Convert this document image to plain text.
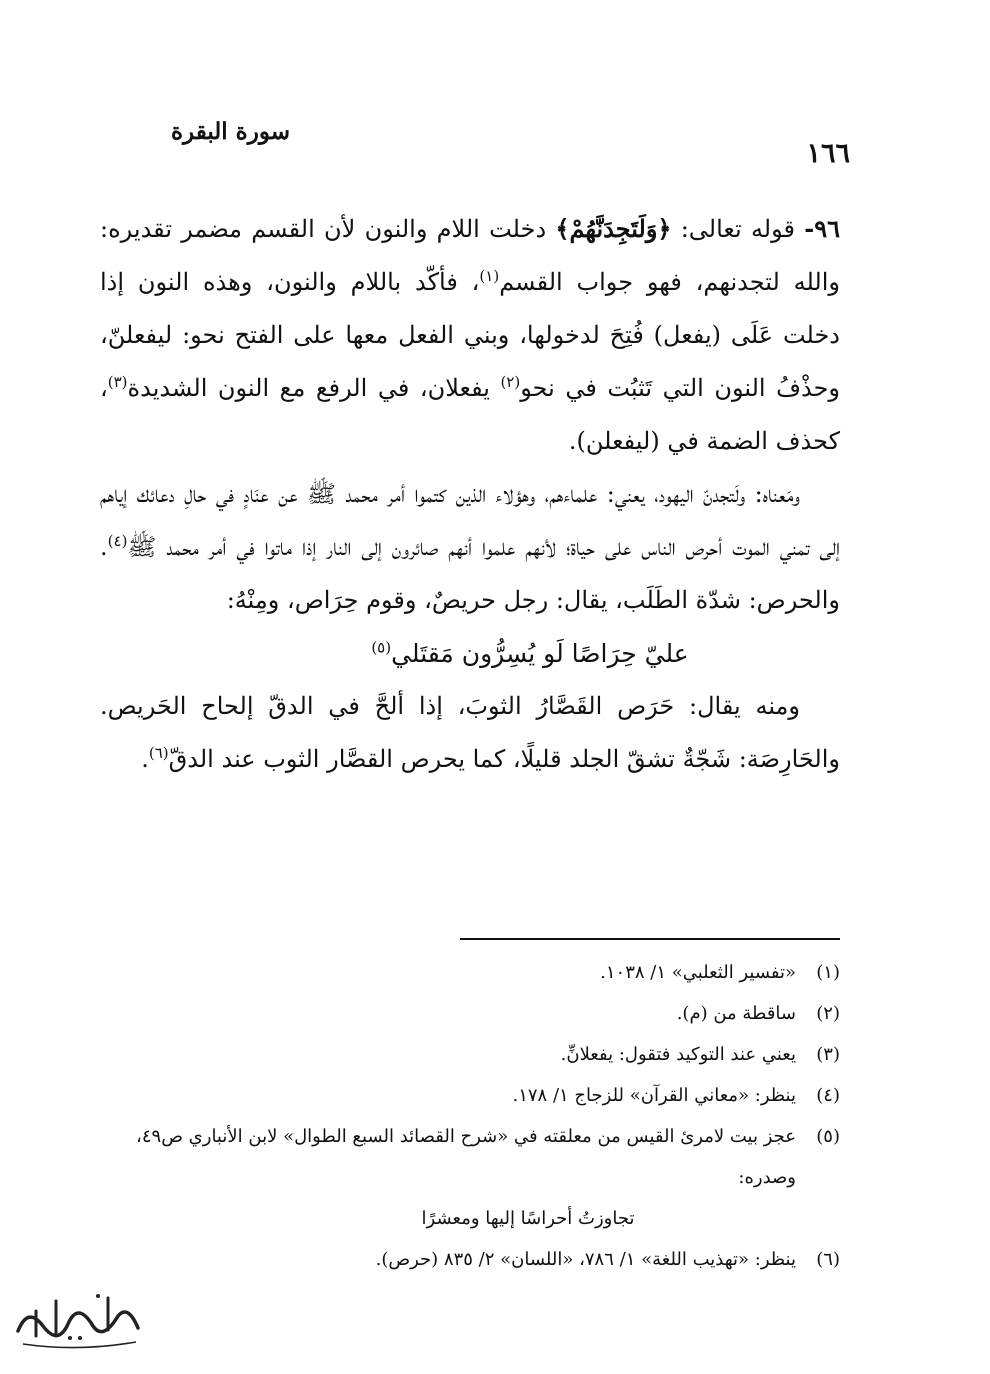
سورة البقرة
١٦٦

٩٦- قوله تعالى: ﴿وَلَتَجِدَنَّهُمْ﴾ دخلت اللام والنون لأن القسم مضمر تقديره: والله لتجدنهم، فهو جواب القسم$^{(١)}$، فأكّد باللام والنون، وهذه النون إذا دخلت عَلَى (يفعل) فُتِحَ لدخولها، وبني الفعل معها على الفتح نحو: ليفعلنّ، وحذْفُ النون التي تَثبُت في نحو$^{(٢)}$ يفعلان، في الرفع مع النون الشديدة$^{(٣)}$، كحذف الضمة في (ليفعلن).

ومَعناه: ولَتجدنّ اليهود، يعني: علماءهم، وهؤلاء الذين كتموا أمر محمد ﷺ عن عنَادٍ في حالِ دعائك إياهم إلى تمني الموت أحرص الناس على حياة؛ لأنهم علموا أنهم صائرون إلى النار إذا ماتوا في أمر محمد ﷺ$^{(٤)}$. والحرص: شدّة الطَلَب، يقال: رجل حريصٌ، وقوم حِرَاص، ومِنْهُ:

عليّ حِرَاصًا لَو يُسِرُّون مَقتَلي$^{(٥)}$

ومنه يقال: حَرَص القَصَّارُ الثوبَ، إذا ألحَّ في الدقّ إلحاح الحَريص. والحَارِصَة: شَجّةٌ تشقّ الجلد قليلًا، كما يحرص القصَّار الثوب عند الدقّ$^{(٦)}$.

(١)
«تفسير الثعلبي» ١/ ١٠٣٨.
(٢)
ساقطة من (م).
(٣)
يعني عند التوكيد فتقول: يفعلانِّ.
(٤)
ينظر: «معاني القرآن» للزجاج ١/ ١٧٨.
(٥)
عجز بيت لامرئ القيس من معلقته في «شرح القصائد السبع الطوال» لابن الأنباري ص٤٩، وصدره:
تجاوزتُ أحراسًا إليها ومعشرًا
(٦)
ينظر: «تهذيب اللغة» ١/ ٧٨٦، «اللسان» ٢/ ٨٣٥ (حرص).
